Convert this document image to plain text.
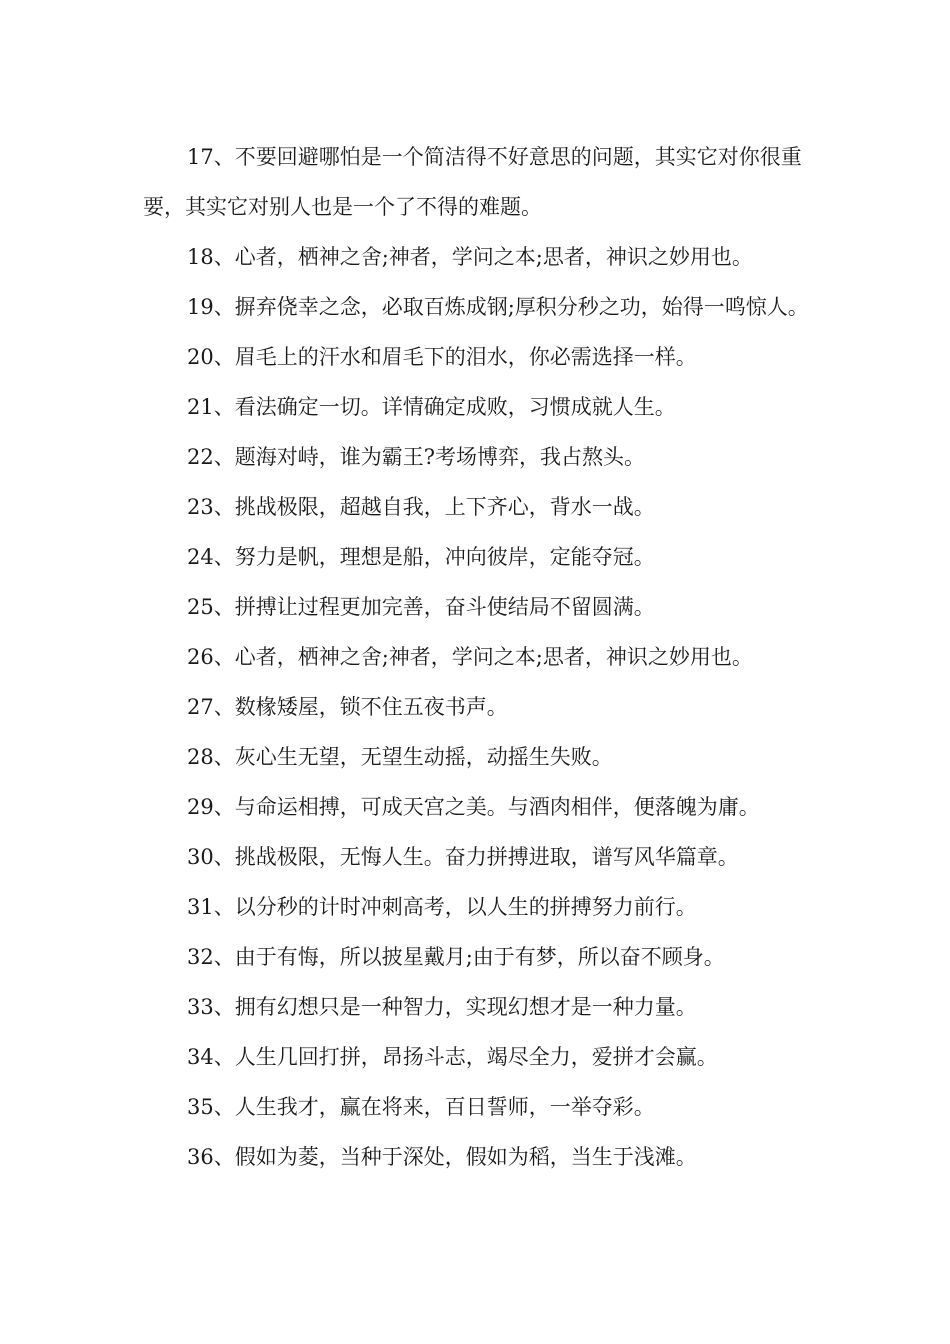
17、不要回避哪怕是一个简洁得不好意思的问题，其实它对你很重要，其实它对别人也是一个了不得的难题。

18、心者，栖神之舍;神者，学问之本;思者，神识之妙用也。

19、摒弃侥幸之念，必取百炼成钢;厚积分秒之功，始得一鸣惊人。

20、眉毛上的汗水和眉毛下的泪水，你必需选择一样。

21、看法确定一切。详情确定成败，习惯成就人生。

22、题海对峙，谁为霸王?考场博弈，我占熬头。

23、挑战极限，超越自我，上下齐心，背水一战。

24、努力是帆，理想是船，冲向彼岸，定能夺冠。

25、拼搏让过程更加完善，奋斗使结局不留圆满。

26、心者，栖神之舍;神者，学问之本;思者，神识之妙用也。

27、数椽矮屋，锁不住五夜书声。

28、灰心生无望，无望生动摇，动摇生失败。

29、与命运相搏，可成天宫之美。与酒肉相伴，便落魄为庸。

30、挑战极限，无悔人生。奋力拼搏进取，谱写风华篇章。

31、以分秒的计时冲刺高考，以人生的拼搏努力前行。

32、由于有悔，所以披星戴月;由于有梦，所以奋不顾身。

33、拥有幻想只是一种智力，实现幻想才是一种力量。

34、人生几回打拼，昂扬斗志，竭尽全力，爱拼才会赢。

35、人生我才，赢在将来，百日誓师，一举夺彩。

36、假如为菱，当种于深处，假如为稻，当生于浅滩。
